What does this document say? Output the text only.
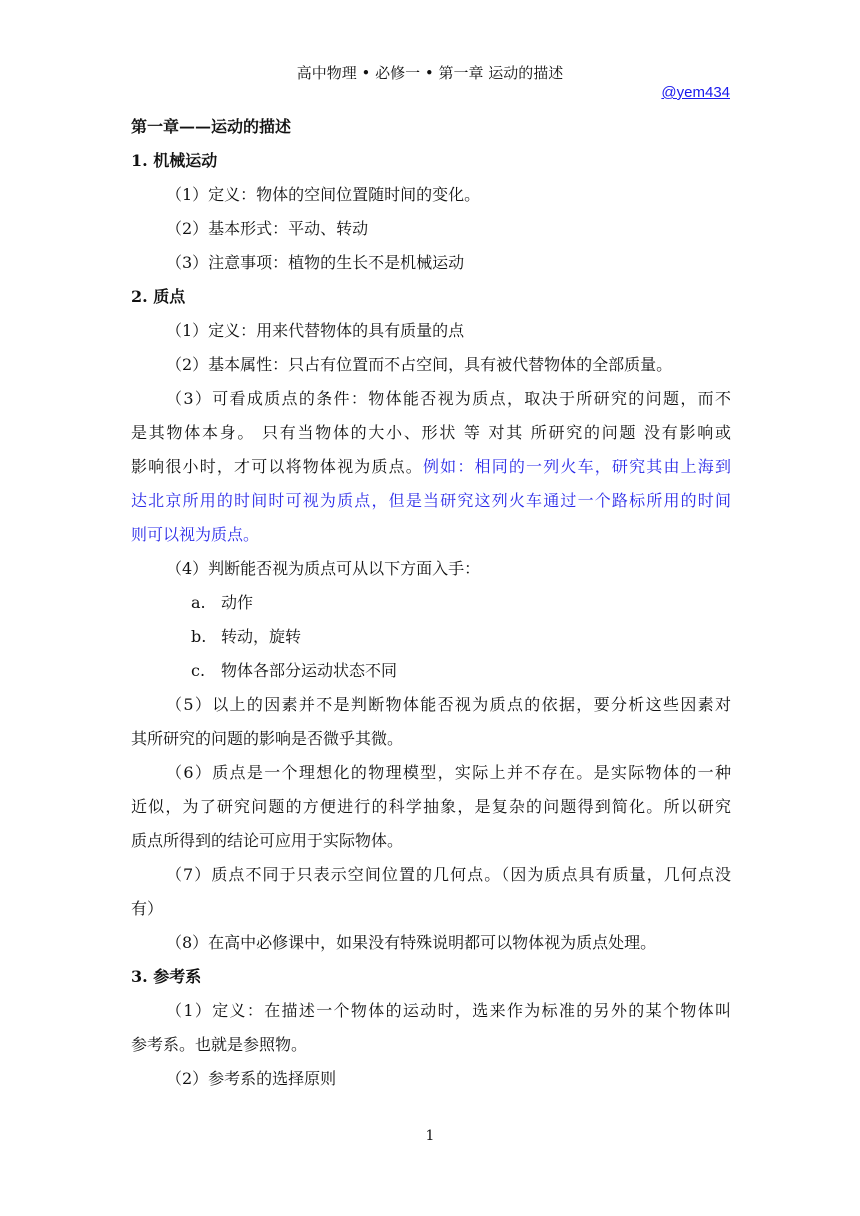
高中物理 • 必修一 • 第一章 运动的描述
@yem434
第一章——运动的描述
1. 机械运动
（1）定义：物体的空间位置随时间的变化。
（2）基本形式：平动、转动
（3）注意事项：植物的生长不是机械运动
2. 质点
（1）定义：用来代替物体的具有质量的点
（2）基本属性：只占有位置而不占空间，具有被代替物体的全部质量。
（3）可看成质点的条件：物体能否视为质点，取决于所研究的问题，而不
是其物体本身。 只有当物体的大小、形状 等 对其 所研究的问题 没有影响或
影响很小时，才可以将物体视为质点。例如：相同的一列火车，研究其由上海到
达北京所用的时间时可视为质点，但是当研究这列火车通过一个路标所用的时间
则可以视为质点。
（4）判断能否视为质点可从以下方面入手：
a. 动作
b. 转动，旋转
c. 物体各部分运动状态不同
（5）以上的因素并不是判断物体能否视为质点的依据，要分析这些因素对
其所研究的问题的影响是否微乎其微。
（6）质点是一个理想化的物理模型，实际上并不存在。是实际物体的一种
近似，为了研究问题的方便进行的科学抽象，是复杂的问题得到简化。所以研究
质点所得到的结论可应用于实际物体。
（7）质点不同于只表示空间位置的几何点。（因为质点具有质量，几何点没
有）
（8）在高中必修课中，如果没有特殊说明都可以物体视为质点处理。
3. 参考系
（1）定义：在描述一个物体的运动时，选来作为标准的另外的某个物体叫
参考系。也就是参照物。
（2）参考系的选择原则
1
